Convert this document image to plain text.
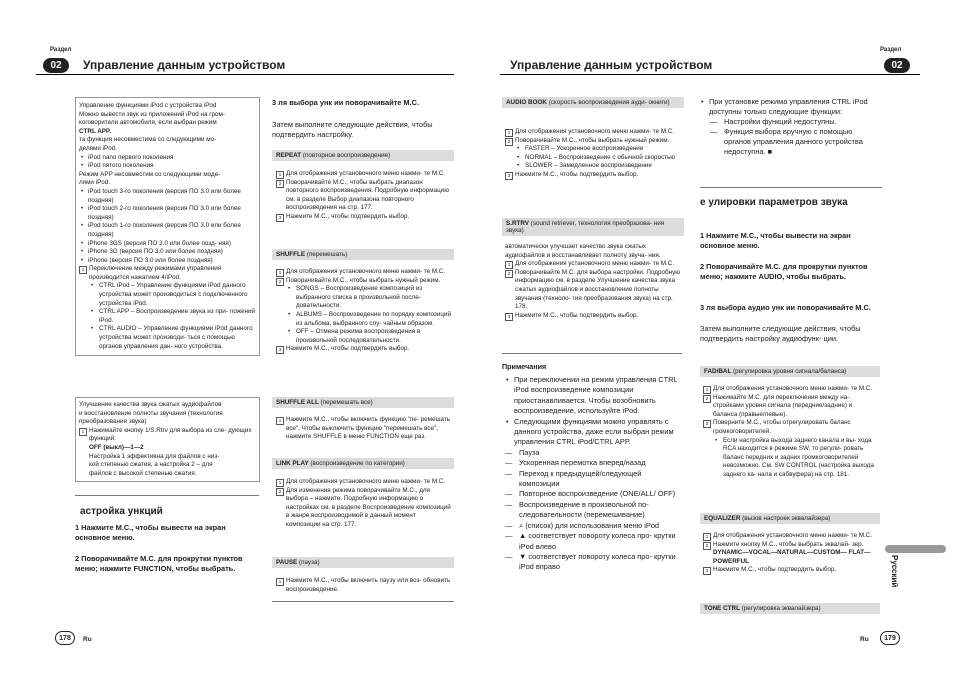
Раздел
02	Управление данным устройством
Раздел
02
Управление данным устройством

Управление функциями iPod с устройства iPod

Можно вывести звук из приложений iPod на гром-

коговорители автомобиля, если выбран режим

CTRL APP.

та функция несовместима со следующими мо-

делями iPod.

• iPod nano первого поколения

• iPod пятого поколения

Режим APP несовместим со следующими моде-

лями iPod.

• iPod touch 3-го поколения (версия ПО 3.0 или более поздняя)

• iPod touch 2-го поколения (версия ПО 3.0 или более поздняя)

• iPod touch 1-го поколения (версия ПО 3.0 или более поздняя)

• iPhone 3GS (версия ПО 3.0 или более позд- няя)

• iPhone 3G (версия ПО 3.0 или более поздняя)

• iPhone (версия ПО 3.0 или более поздняя)

1 Переключение между режимами управления производится нажатием 4/iPod.

• CTRL iPod – Управление функциями iPod данного устройства может производиться с подключенного устройства iPod.

• CTRL APP – Воспроизведение звука из при- ложений iPod.

• CTRL AUDIO – Управление функциями iPod данного устройства может производи- ться с помощью органов управления дан- ного устройства.

Улучшение качества звука сжатых аудиофайлов

и восстановление полноты звучания (технология

преобразования звука)

1 Нажимайте кнопку 1/S.Rtrv для выбора из сле- дующих функций:

OFF (выкл)—1—2

Настройка 1 эффективна для файлов с низ-

кой степенью сжатия, а настройка 2 – для

файлов с высокой степенью сжатия.

астройка ункций
1 Нажмите M.C., чтобы вывести на экран основное меню.
2 Поворачивайте M.C. для прокрутки пунктов меню; нажмите FUNCTION, чтобы выбрать.
3 ля выбора унк ии поворачивайте M.C.
Затем выполните следующие действия, чтобы подтвердить настройку.
REPEAT (повторное воспроизведение)

1 Для отображения установочного меню нажми- те M.C.

2 Поворачивайте M.C., чтобы выбрать диапазон повторного воспроизведения. Подробную информацию см. в разделе Выбор диапазона повторного воспроизведения на стр. 177.

3 Нажмите M.C., чтобы подтвердить выбор.

SHUFFLE (перемешать)

1 Для отображения установочного меню нажми- те M.C.

2 Поворачивайте M.C., чтобы выбрать нужный режим.

• SONGS – Воспроизведение композиций из выбранного списка в произвольной после- довательности.

• ALBUMS – Воспроизведение по порядку композиций из альбома, выбранного слу- чайным образом.

• OFF – Отмена режима воспроизведения в произвольной последовательности.

3 Нажмите M.C., чтобы подтвердить выбор.

SHUFFLE ALL (перемешать все)

1 Нажмите M.C., чтобы включить функцию "пе- ремешать все". Чтобы выключить функцию "перемешать все", нажмите SHUFFLE в меню FUNCTION еще раз.

LINK PLAY (воспроизведение по категории)

1 Для отображения установочного меню нажми- те M.C.

2 Для изменения режима поворачивайте M.C., для выбора – нажмите. Подробную информацию о настройках см. в разделе Воспроизведение композиций в жанре воспроизводимой в данный момент композиции на стр. 177.

PAUSE (пауза)

1 Нажмите M.C., чтобы включить паузу или воз- обновить воспроизведение.

AUDIO BOOK (скорость воспроизведения ауди- окниги)

1 Для отображения установочного меню нажми- те M.C.

2 Поворачивайте M.C., чтобы выбрать нужный режим.

• FASTER – Ускоренное воспроизведение

• NORMAL – Воспроизведение с обычной скоростью

• SLOWER – Замедленное воспроизведение

3 Нажмите M.C., чтобы подтвердить выбор.

S.RTRV (sound retriever, технология преобразова- ния звука)

автоматически улучшает качество звука сжатых аудиофайлов и восстанавливает полноту звуча- ния.

1 Для отображения установочного меню нажми- те M.C.

2 Поворачивайте M.C. для выбора настройки. Подробную информацию см. в разделе Улучшение качества звука сжатых аудиофайлов и восстановление полноты звучания (техноло- гия преобразования звука) на стр. 178.

3 Нажмите M.C., чтобы подтвердить выбор.

Примечания
• При переключении на режим управления CTRL iPod воспроизведение композиции приостанавливается. Чтобы возобновить воспроизведение, используйте iPod.
• Следующими функциями можно управлять с данного устройства, даже если выбран режим управления CTRL iPod/CTRL APP.
— Пауза
— Ускоренная перемотка вперед/назад
— Переход к предыдущей/следующей композиции
— Повторное воспроизведение (ONE/ALL/ OFF)
— Воспроизведение в произвольной по- следовательности (перемешивание)
— ⌕ (список) для использования меню iPod
— ▲ соответствует повороту колеса про- крутки iPod влево
— ▼ соответствует повороту колеса про- крутки iPod вправо
• При установке режима управления CTRL iPod доступны только следующие функции:
— Настройки функций недоступны.
— Функция выбора вручную с помощью органов управления данного устройства недоступна. ■
е улировки параметров звука
1 Нажмите M.C., чтобы вывести на экран основное меню.
2 Поворачивайте M.C. для прокрутки пунктов меню; нажмите AUDIO, чтобы выбрать.
3 ля выбора аудио унк ии поворачивайте M.C.
Затем выполните следующие действия, чтобы подтвердить настройку аудиофунк- ции.
FAD/BAL (регулировка уровня сигнала/баланса)

1 Для отображения установочного меню нажми- те M.C.

2 Нажимайте M.C. для переключения между на- стройками уровня сигнала (передние/задние) и баланса (правые/левые).

3 Поверните M.C., чтобы отрегулировать баланс громкоговорителей.

• Если настройка выхода заднего канала и вы- хода RCA находится в режиме SW, то регули- ровать баланс передних и задних громкоговорителей невозможно. См. SW CONTROL (настройка выхода заднего ка- нала и сабвуфера) на стр. 181.

EQUALIZER (вызов настроек эквалайзера)

1 Для отображения установочного меню нажми- те M.C.

2 Нажмите кнопку M.C., чтобы выбрать эквалай- зер.

DYNAMIC—VOCAL—NATURAL—CUSTOM— FLAT—POWERFUL

3 Нажмите M.C., чтобы подтвердить выбор.

TONE CTRL (регулировка эквалайзера)
Русский
178	Ru	Ru	179
